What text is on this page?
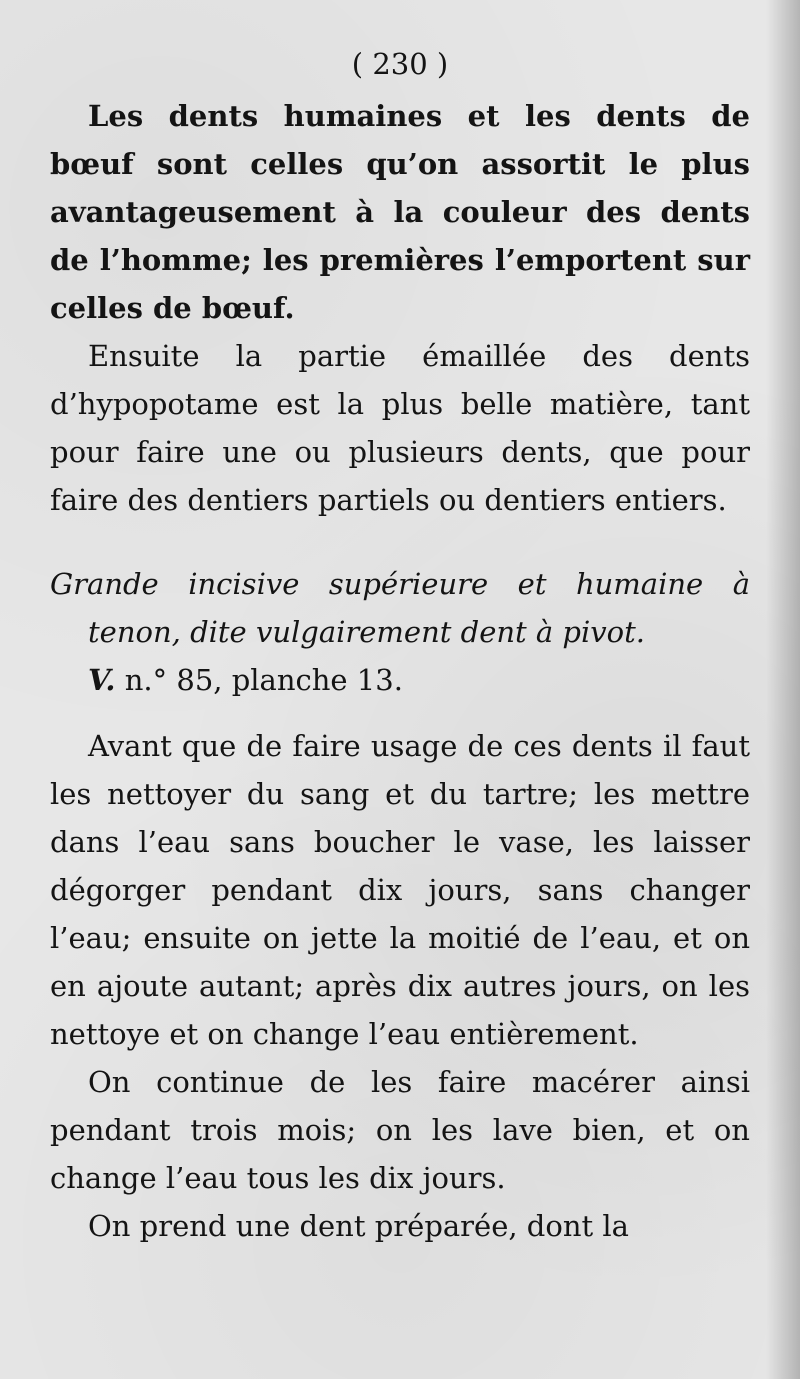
( 230 )

Les dents humaines et les dents de bœuf sont celles qu’on assortit le plus avantageusement à la couleur des dents de l’homme; les premières l’emportent sur celles de bœuf.

Ensuite la partie émaillée des dents d’hypopotame est la plus belle matière, tant pour faire une ou plusieurs dents, que pour faire des dentiers partiels ou dentiers entiers.

Grande incisive supérieure et humaine à tenon, dite vulgairement dent à pivot.
V. n.° 85, planche 13.

Avant que de faire usage de ces dents il faut les nettoyer du sang et du tartre; les mettre dans l’eau sans boucher le vase, les laisser dégorger pendant dix jours, sans changer l’eau; ensuite on jette la moitié de l’eau, et on en ajoute autant; après dix autres jours, on les nettoye et on change l’eau entièrement.

On continue de les faire macérer ainsi pendant trois mois; on les lave bien, et on change l’eau tous les dix jours.

On prend une dent préparée, dont la
